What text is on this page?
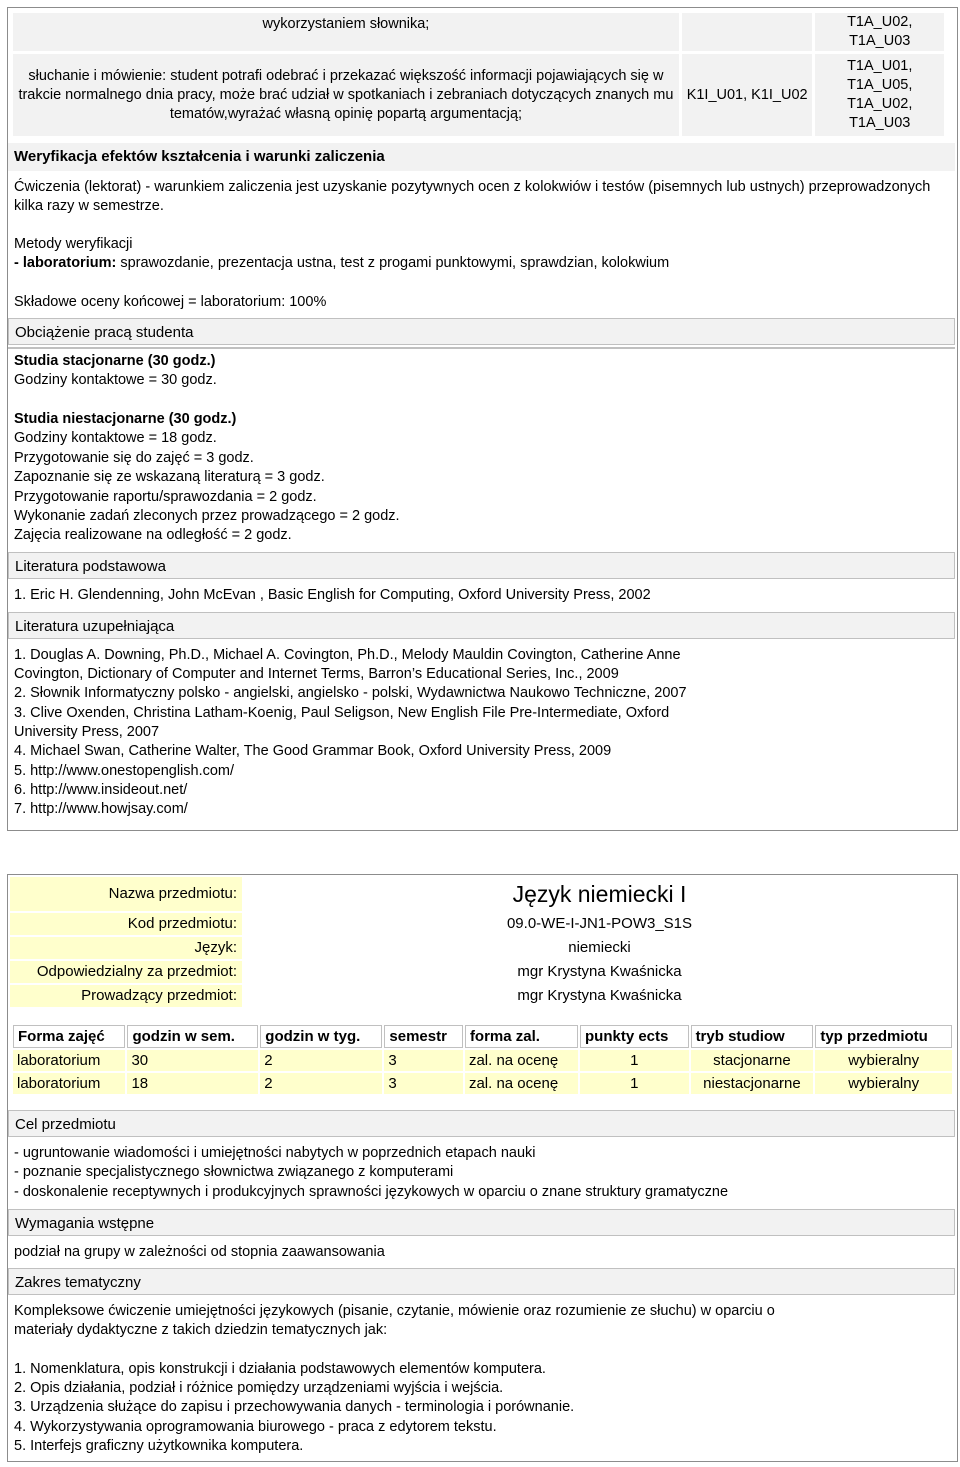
wykorzystaniem słownika;		T1A_U02, T1A_U03
słuchanie i mówienie: student potrafi odebrać i przekazać większość informacji pojawiających się w trakcie normalnego dnia pracy, może brać udział w spotkaniach i zebraniach dotyczących znanych mu tematów,wyrażać własną opinię popartą argumentacją;	K1I_U01, K1I_U02	T1A_U01, T1A_U05, T1A_U02, T1A_U03
Weryfikacja efektów kształcenia i warunki zaliczenia
Ćwiczenia (lektorat) - warunkiem zaliczenia jest uzyskanie pozytywnych ocen z kolokwiów i testów (pisemnych lub ustnych) przeprowadzonych kilka razy w semestrze.
Metody weryfikacji
- laboratorium: sprawozdanie, prezentacja ustna, test z progami punktowymi, sprawdzian, kolokwium
Składowe oceny końcowej = laboratorium: 100%
Obciążenie pracą studenta
Studia stacjonarne (30 godz.)
Godziny kontaktowe = 30 godz.
Studia niestacjonarne (30 godz.)
Godziny kontaktowe = 18 godz.
Przygotowanie się do zajęć = 3 godz.
Zapoznanie się ze wskazaną literaturą = 3 godz.
Przygotowanie raportu/sprawozdania = 2 godz.
Wykonanie zadań zleconych przez prowadzącego = 2 godz.
Zajęcia realizowane na odległość = 2 godz.
Literatura podstawowa
1. Eric H. Glendenning, John McEvan , Basic English for Computing, Oxford University Press, 2002
Literatura uzupełniająca
1. Douglas A. Downing, Ph.D., Michael A. Covington, Ph.D., Melody Mauldin Covington, Catherine Anne
Covington, Dictionary of Computer and Internet Terms, Barron’s Educational Series, Inc., 2009
2. Słownik Informatyczny polsko - angielski, angielsko - polski, Wydawnictwa Naukowo Techniczne, 2007
3. Clive Oxenden, Christina Latham-Koenig, Paul Seligson, New English File Pre-Intermediate, Oxford
University Press, 2007
4. Michael Swan, Catherine Walter, The Good Grammar Book, Oxford University Press, 2009
5. http://www.onestopenglish.com/
6. http://www.insideout.net/
7. http://www.howjsay.com/
Nazwa przedmiotu:	Język niemiecki I
Kod przedmiotu:	09.0-WE-I-JN1-POW3_S1S
Język:	niemiecki
Odpowiedzialny za przedmiot:	mgr Krystyna Kwaśnicka
Prowadzący przedmiot:	mgr Krystyna Kwaśnicka
Forma zajęć	godzin w sem.	godzin w tyg.	semestr	forma zal.	punkty ects	tryb studiow	typ przedmiotu
laboratorium	30	2	3	zal. na ocenę	1	stacjonarne	wybieralny
laboratorium	18	2	3	zal. na ocenę	1	niestacjonarne	wybieralny
Cel przedmiotu
- ugruntowanie wiadomości i umiejętności nabytych w poprzednich etapach nauki
- poznanie specjalistycznego słownictwa związanego z komputerami
- doskonalenie receptywnych i produkcyjnych sprawności językowych w oparciu o znane struktury gramatyczne
Wymagania wstępne
podział na grupy w zależności od stopnia zaawansowania
Zakres tematyczny
Kompleksowe ćwiczenie umiejętności językowych (pisanie, czytanie, mówienie oraz rozumienie ze słuchu) w oparciu o
materiały dydaktyczne z takich dziedzin tematycznych jak:
1. Nomenklatura, opis konstrukcji i działania podstawowych elementów komputera.
2. Opis działania, podział i różnice pomiędzy urządzeniami wyjścia i wejścia.
3. Urządzenia służące do zapisu i przechowywania danych - terminologia i porównanie.
4. Wykorzystywania oprogramowania biurowego - praca z edytorem tekstu.
5. Interfejs graficzny użytkownika komputera.
